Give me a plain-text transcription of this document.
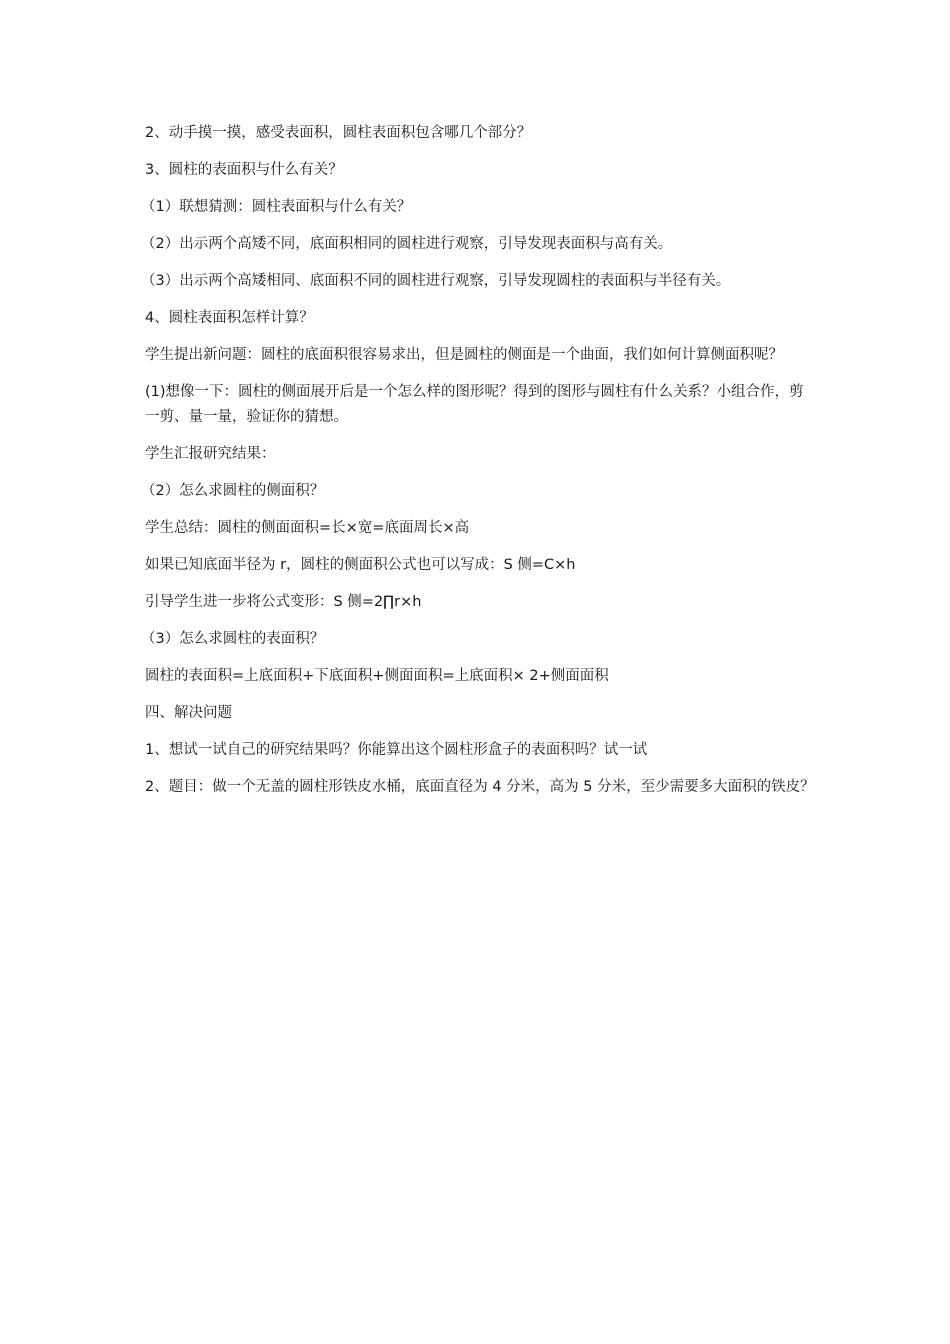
2、动手摸一摸，感受表面积，圆柱表面积包含哪几个部分？

3、圆柱的表面积与什么有关？

（1）联想猜测：圆柱表面积与什么有关？

（2）出示两个高矮不同，底面积相同的圆柱进行观察，引导发现表面积与高有关。

（3）出示两个高矮相同、底面积不同的圆柱进行观察，引导发现圆柱的表面积与半径有关。

4、圆柱表面积怎样计算？

学生提出新问题：圆柱的底面积很容易求出，但是圆柱的侧面是一个曲面，我们如何计算侧面积呢？

(1)想像一下：圆柱的侧面展开后是一个怎么样的图形呢？得到的图形与圆柱有什么关系？小组合作，剪一剪、量一量，验证你的猜想。

学生汇报研究结果：

（2）怎么求圆柱的侧面积？

学生总结：圆柱的侧面面积=长×宽=底面周长×高

如果已知底面半径为 r，圆柱的侧面积公式也可以写成：S 侧=C×h

引导学生进一步将公式变形：S 侧=2∏r×h

（3）怎么求圆柱的表面积？

圆柱的表面积=上底面积+下底面积+侧面面积=上底面积× 2+侧面面积

四、解决问题

1、想试一试自己的研究结果吗？你能算出这个圆柱形盒子的表面积吗？试一试

2、题目：做一个无盖的圆柱形铁皮水桶，底面直径为 4 分米，高为 5 分米，至少需要多大面积的铁皮？
